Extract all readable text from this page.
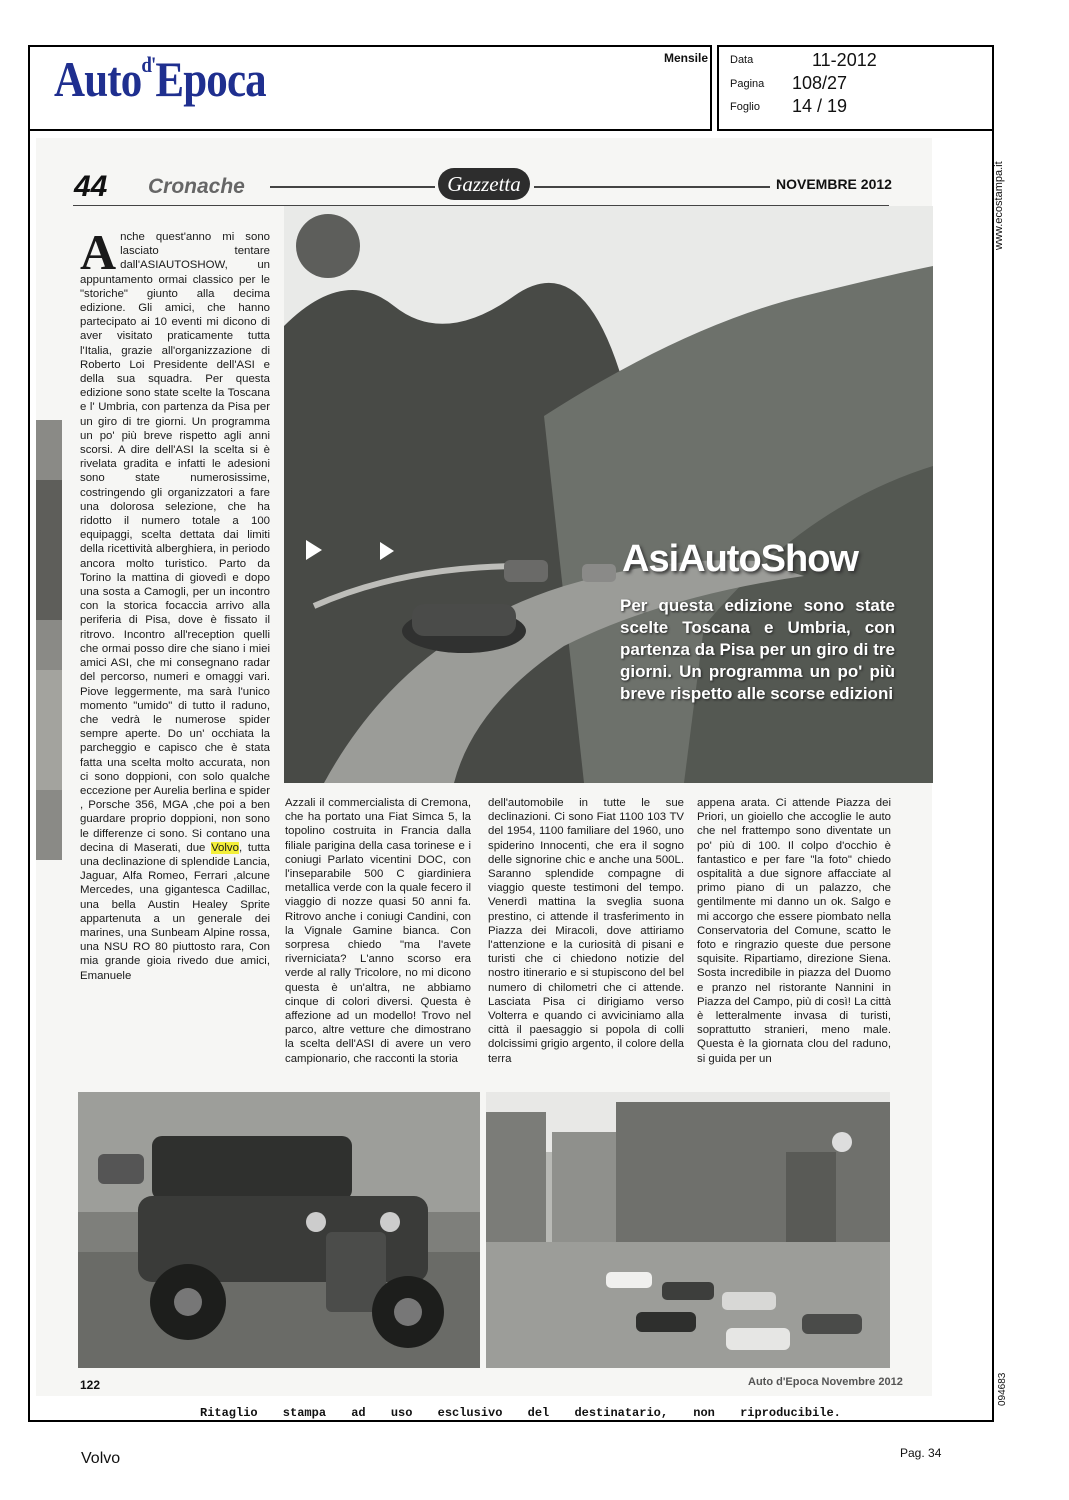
Auto$^{d'}$Epoca	Mensile Data	11-2012
Pagina 108/27
Foglio 14 / 19
www.ecostampa.it
094683
44 Cronache	Gazzetta	NOVEMBRE 2012
AsiAutoShow
Per questa edizione sono state scelte Toscana e Umbria, con partenza da Pisa per un giro di tre giorni. Un programma un po' più breve rispetto alle scorse edizioni

Anche quest'anno mi sono lasciato tentare dall'ASIAUTOSHOW, un appuntamento ormai classico per le "storiche" giunto alla decima edizione. Gli amici, che hanno partecipato ai 10 eventi mi dicono di aver visitato praticamente tutta l'Italia, grazie all'organizzazione di Roberto Loi Presidente dell'ASI e della sua squadra. Per questa edizione sono state scelte la Toscana e l' Umbria, con partenza da Pisa per un giro di tre giorni. Un programma un po' più breve rispetto agli anni scorsi. A dire dell'ASI la scelta si è rivelata gradita e infatti le adesioni sono state numerosissime, costringendo gli organizzatori a fare una dolorosa selezione, che ha ridotto il numero totale a 100 equipaggi, scelta dettata dai limiti della ricettività alberghiera, in periodo ancora molto turistico. Parto da Torino la mattina di giovedì e dopo una sosta a Camogli, per un incontro con la storica focaccia arrivo alla periferia di Pisa, dove è fissato il ritrovo. Incontro all'reception quelli che ormai posso dire che siano i miei amici ASI, che mi consegnano radar del percorso, numeri e omaggi vari. Piove leggermente, ma sarà l'unico momento "umido" di tutto il raduno, che vedrà le numerose spider sempre aperte. Do un' occhiata la parcheggio e capisco che è stata fatta una scelta molto accurata, non ci sono doppioni, con solo qualche eccezione per Aurelia berlina e spider , Porsche 356, MGA ,che poi a ben guardare proprio doppioni, non sono le differenze ci sono. Si contano una decina di Maserati, due Volvo, tutta una declinazione di splendide Lancia, Jaguar, Alfa Romeo, Ferrari ,alcune Mercedes, una gigantesca Cadillac, una bella Austin Healey Sprite appartenuta a un generale dei marines, una Sunbeam Alpine rossa, una NSU RO 80 piuttosto rara, Con mia grande gioia rivedo due amici, Emanuele

Azzali il commercialista di Cremona, che ha portato una Fiat Simca 5, la topolino costruita in Francia dalla filiale parigina della casa torinese e i coniugi Parlato vicentini DOC, con l'inseparabile 500 C giardiniera metallica verde con la quale fecero il viaggio di nozze quasi 50 anni fa. Ritrovo anche i coniugi Candini, con la Vignale Gamine bianca. Con sorpresa chiedo "ma l'avete riverniciata? L'anno scorso era verde al rally Tricolore, no mi dicono questa è un'altra, ne abbiamo cinque di colori diversi. Questa è affezione ad un modello! Trovo nel parco, altre vetture che dimostrano la scelta dell'ASI di avere un vero campionario, che racconti la storia

dell'automobile in tutte le sue declinazioni. Ci sono Fiat 1100 103 TV del 1954, 1100 familiare del 1960, uno spiderino Innocenti, che era il sogno delle signorine chic e anche una 500L. Saranno splendide compagne di viaggio queste testimoni del tempo. Venerdì mattina la sveglia suona prestino, ci attende il trasferimento in Piazza dei Miracoli, dove attiriamo l'attenzione e la curiosità di pisani e turisti che ci chiedono notizie del nostro itinerario e si stupiscono del bel numero di chilometri che ci attende. Lasciata Pisa ci dirigiamo verso Volterra e quando ci avviciniamo alla città il paesaggio si popola di colli dolcissimi grigio argento, il colore della terra

appena arata. Ci attende Piazza dei Priori, un gioiello che accoglie le auto che nel frattempo sono diventate un po' più di 100. Il colpo d'occhio è fantastico e per fare "la foto" chiedo ospitalità a due signore affacciate al primo piano di un palazzo, che gentilmente mi danno un ok. Salgo e mi accorgo che essere piombato nella Conservatoria del Comune, scatto le foto e ringrazio queste due persone squisite. Ripartiamo, direzione Siena. Sosta incredibile in piazza del Duomo e pranzo nel ristorante Nannini in Piazza del Campo, più di così! La città è letteralmente invasa di turisti, soprattutto stranieri, meno male. Questa è la giornata clou del raduno, si guida per un

122	Auto d'Epoca Novembre 2012
Ritaglio stampa ad uso esclusivo del destinatario, non riproducibile.
Volvo	Pag. 34
